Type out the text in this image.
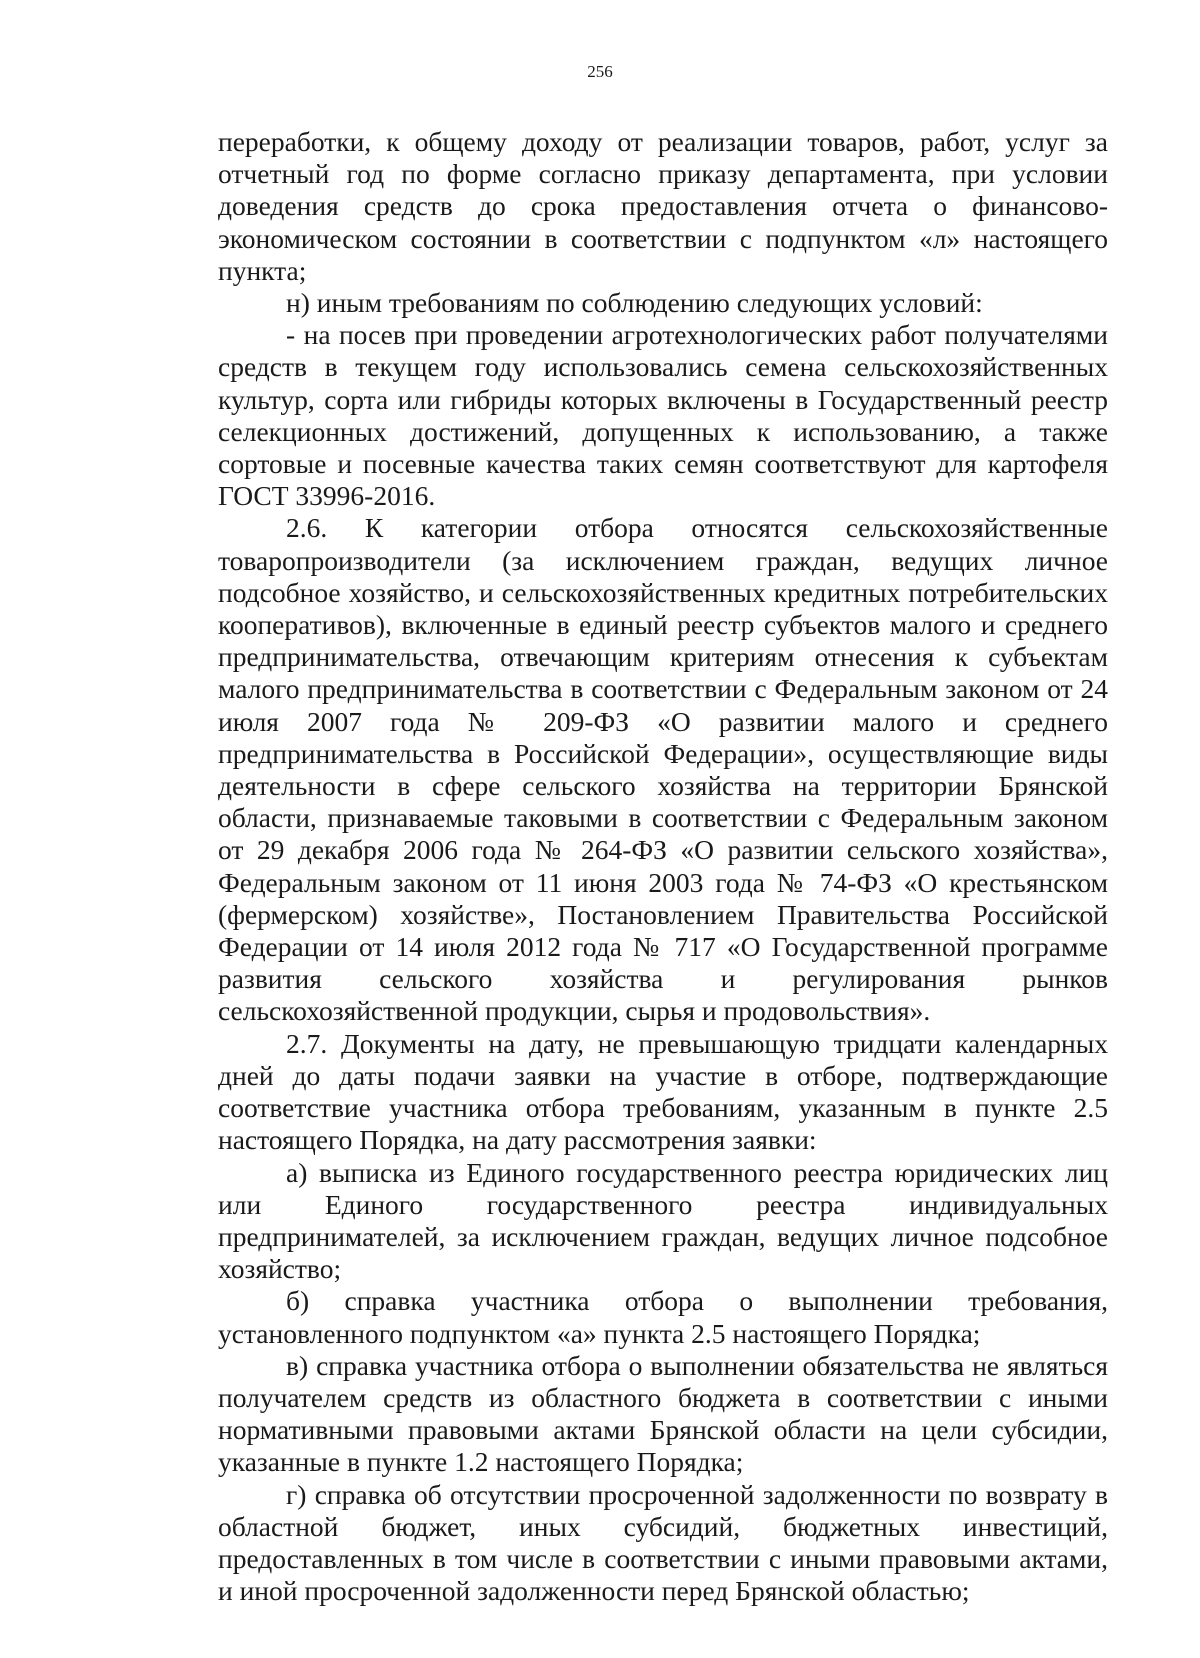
256

переработки, к общему доходу от реализации товаров, работ, услуг за отчетный год по форме согласно приказу департамента, при условии доведения средств до срока предоставления отчета о финансово-экономическом состоянии в соответствии с подпунктом «л» настоящего пункта;

н) иным требованиям по соблюдению следующих условий:

- на посев при проведении агротехнологических работ получателями средств в текущем году использовались семена сельскохозяйственных культур, сорта или гибриды которых включены в Государственный реестр селекционных достижений, допущенных к использованию, а также сортовые и посевные качества таких семян соответствуют для картофеля ГОСТ 33996-2016.

2.6. К категории отбора относятся сельскохозяйственные товаропроизводители (за исключением граждан, ведущих личное подсобное хозяйство, и сельскохозяйственных кредитных потребительских кооперативов), включенные в единый реестр субъектов малого и среднего предпринимательства, отвечающим критериям отнесения к субъектам малого предпринимательства в соответствии с Федеральным законом от 24 июля 2007 года № 209-ФЗ «О развитии малого и среднего предпринимательства в Российской Федерации», осуществляющие виды деятельности в сфере сельского хозяйства на территории Брянской области, признаваемые таковыми в соответствии с Федеральным законом от 29 декабря 2006 года № 264-ФЗ «О развитии сельского хозяйства», Федеральным законом от 11 июня 2003 года № 74-ФЗ «О крестьянском (фермерском) хозяйстве», Постановлением Правительства Российской Федерации от 14 июля 2012 года № 717 «О Государственной программе развития сельского хозяйства и регулирования рынков сельскохозяйственной продукции, сырья и продовольствия».

2.7. Документы на дату, не превышающую тридцати календарных дней до даты подачи заявки на участие в отборе, подтверждающие соответствие участника отбора требованиям, указанным в пункте 2.5 настоящего Порядка, на дату рассмотрения заявки:

а) выписка из Единого государственного реестра юридических лиц или Единого государственного реестра индивидуальных предпринимателей, за исключением граждан, ведущих личное подсобное хозяйство;

б) справка участника отбора о выполнении требования, установленного подпунктом «а» пункта 2.5 настоящего Порядка;

в) справка участника отбора о выполнении обязательства не являться получателем средств из областного бюджета в соответствии с иными нормативными правовыми актами Брянской области на цели субсидии, указанные в пункте 1.2 настоящего Порядка;

г) справка об отсутствии просроченной задолженности по возврату в областной бюджет, иных субсидий, бюджетных инвестиций, предоставленных в том числе в соответствии с иными правовыми актами, и иной просроченной задолженности перед Брянской областью;
